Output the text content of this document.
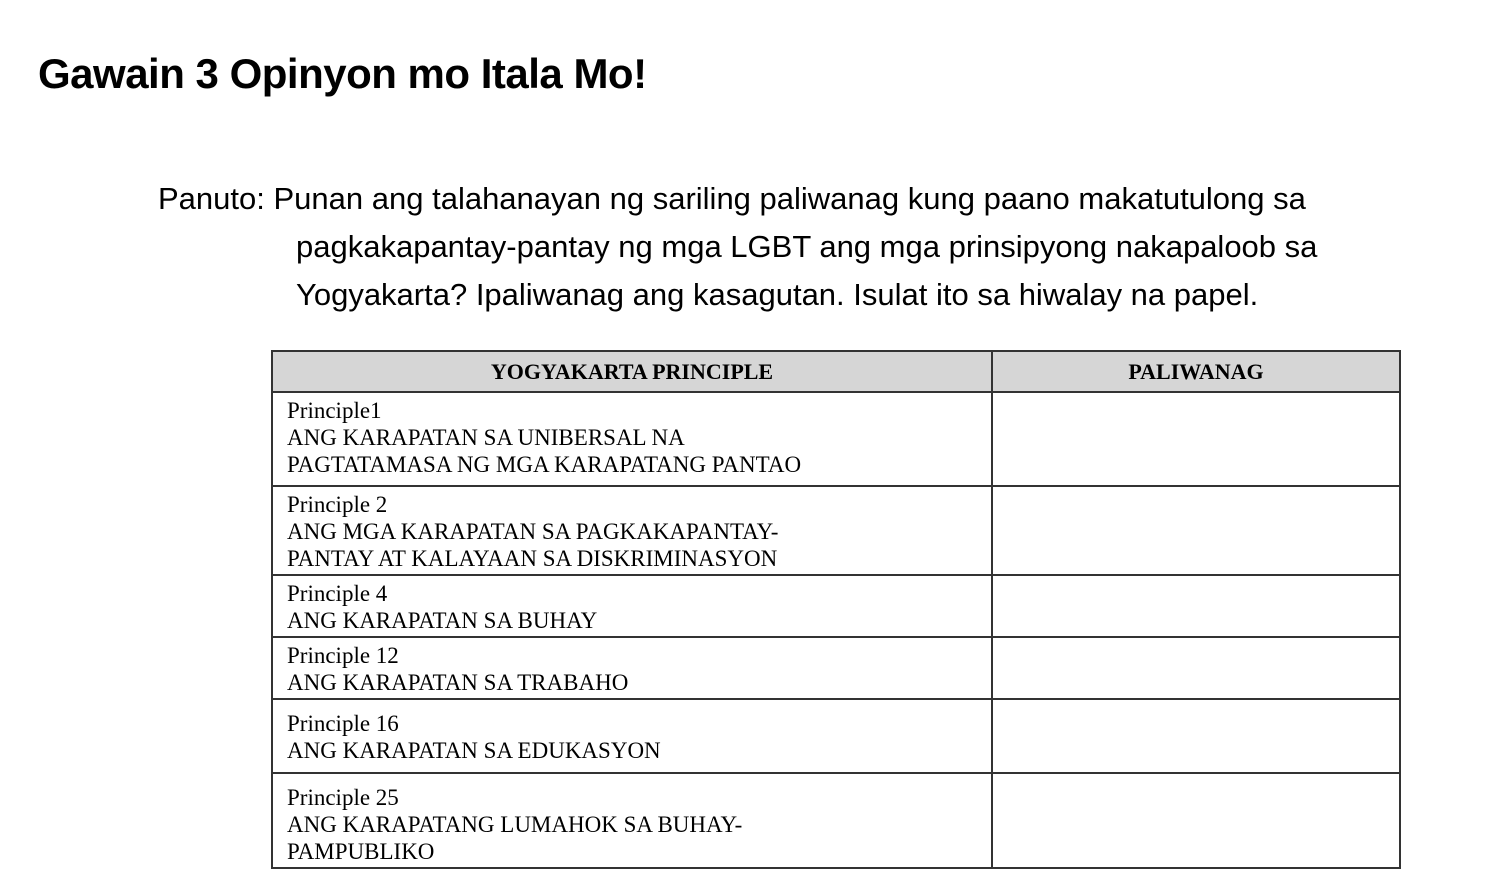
Gawain 3 Opinyon mo Itala Mo!
Panuto: Punan ang talahanayan ng sariling paliwanag kung paano makatutulong sa
pagkakapantay-pantay ng mga LGBT ang mga prinsipyong nakapaloob sa
Yogyakarta? Ipaliwanag ang kasagutan. Isulat ito sa hiwalay na papel.
YOGYAKARTA PRINCIPLE	PALIWANAG

Principle1
ANG KARAPATAN SA UNIBERSAL NA
PAGTATAMASA NG MGA KARAPATANG PANTAO	

Principle 2
ANG MGA KARAPATAN SA PAGKAKAPANTAY-
PANTAY AT KALAYAAN SA DISKRIMINASYON	

Principle 4
ANG KARAPATAN SA BUHAY	

Principle 12
ANG KARAPATAN SA TRABAHO	

Principle 16
ANG KARAPATAN SA EDUKASYON	

Principle 25
ANG KARAPATANG LUMAHOK SA BUHAY-
PAMPUBLIKO	
